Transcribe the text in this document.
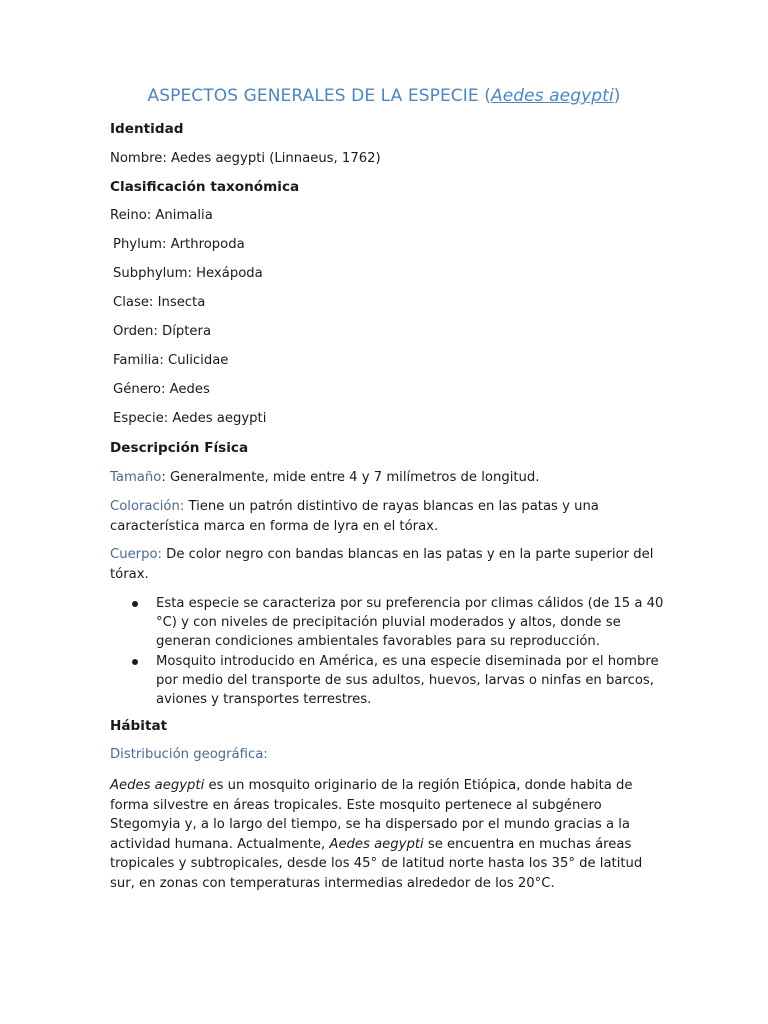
ASPECTOS GENERALES DE LA ESPECIE (Aedes aegypti)
Identidad
Nombre: Aedes aegypti (Linnaeus, 1762)
Clasificación taxonómica
Reino: Animalia
Phylum: Arthropoda
Subphylum: Hexápoda
Clase: Insecta
Orden: Díptera
Familia: Culicidae
Género: Aedes
Especie: Aedes aegypti
Descripción Física
Tamaño: Generalmente, mide entre 4 y 7 milímetros de longitud.
Coloración: Tiene un patrón distintivo de rayas blancas en las patas y una característica marca en forma de lyra en el tórax.
Cuerpo: De color negro con bandas blancas en las patas y en la parte superior del tórax.
Esta especie se caracteriza por su preferencia por climas cálidos (de 15 a 40 °C) y con niveles de precipitación pluvial moderados y altos, donde se generan condiciones ambientales favorables para su reproducción.
Mosquito introducido en América, es una especie diseminada por el hombre por medio del transporte de sus adultos, huevos, larvas o ninfas en barcos, aviones y transportes terrestres.
Hábitat
Distribución geográfica:
Aedes aegypti es un mosquito originario de la región Etiópica, donde habita de forma silvestre en áreas tropicales. Este mosquito pertenece al subgénero Stegomyia y, a lo largo del tiempo, se ha dispersado por el mundo gracias a la actividad humana. Actualmente, Aedes aegypti se encuentra en muchas áreas tropicales y subtropicales, desde los 45° de latitud norte hasta los 35° de latitud sur, en zonas con temperaturas intermedias alrededor de los 20°C.
